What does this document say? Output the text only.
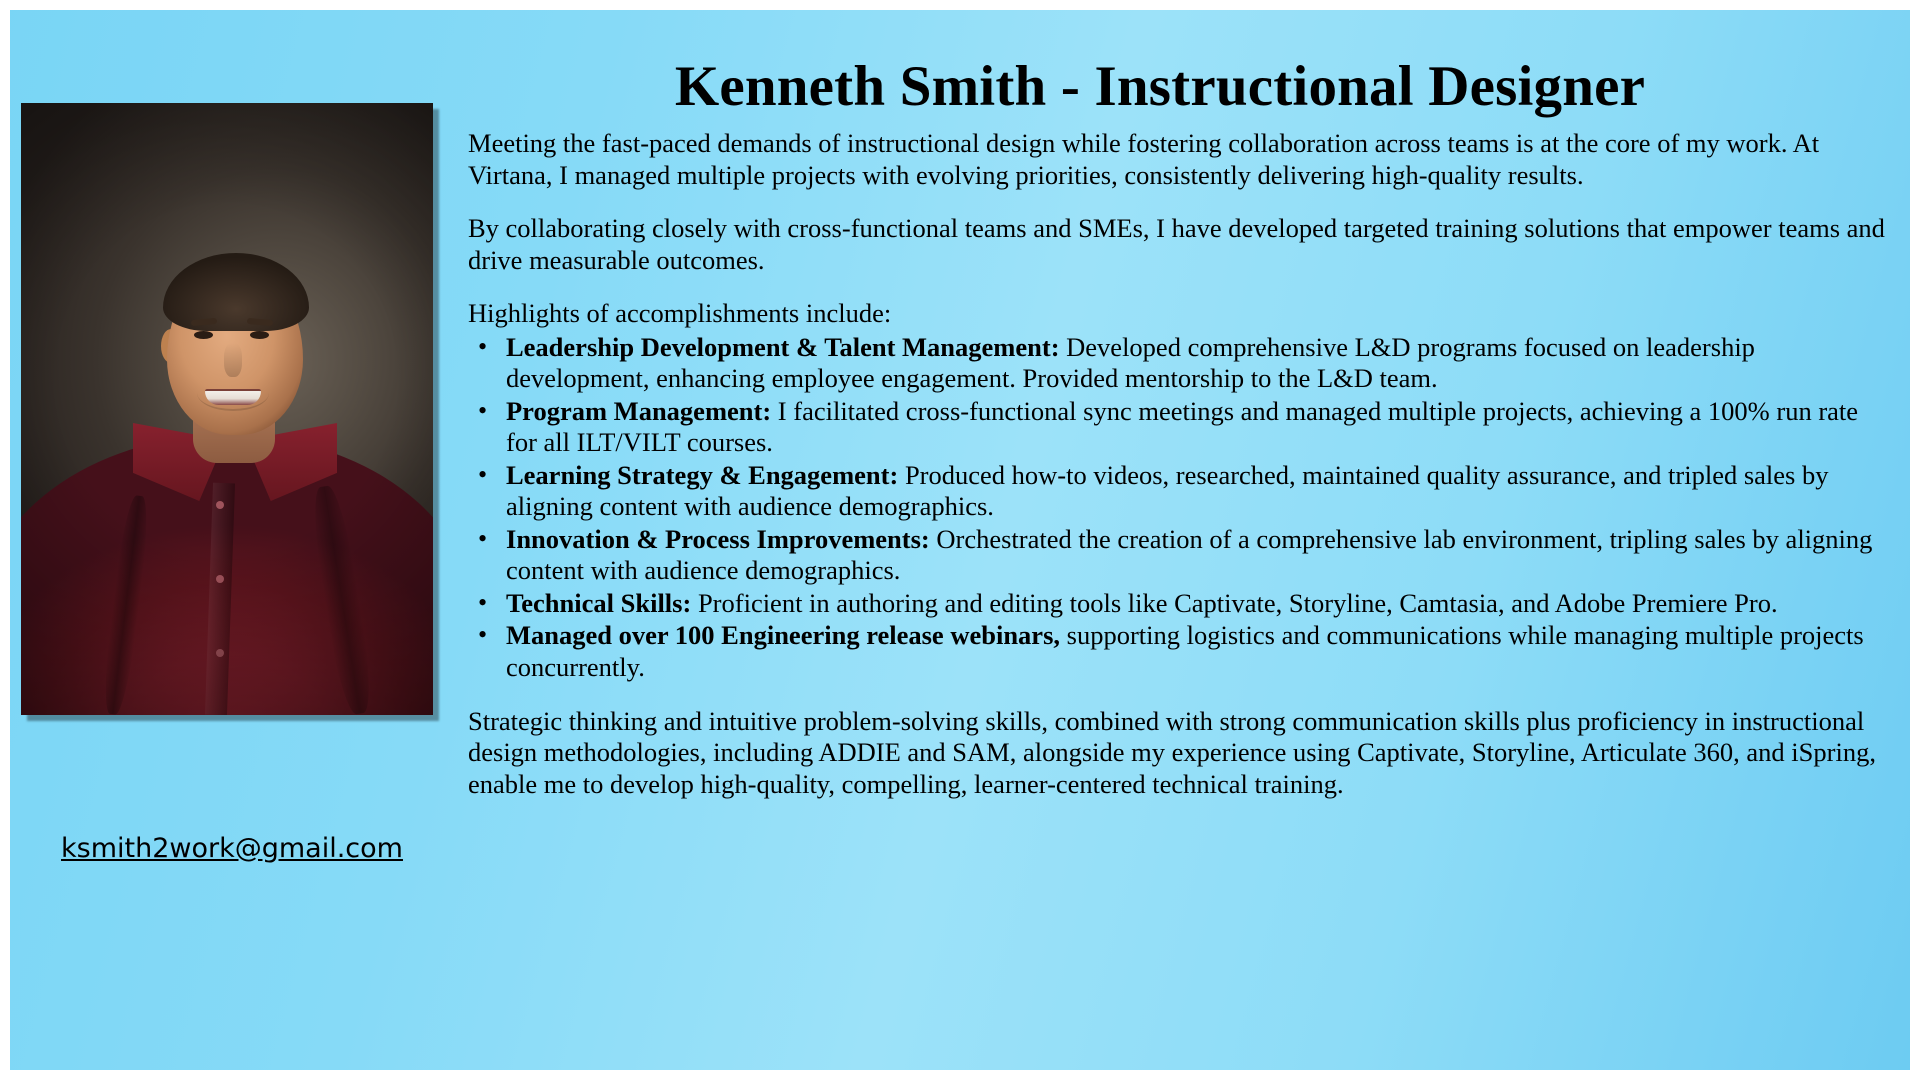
Kenneth Smith - Instructional Designer
ksmith2work@gmail.com

Meeting the fast-paced demands of instructional design while fostering collaboration across teams is at the core of my work. At Virtana, I managed multiple projects with evolving priorities, consistently delivering high-quality results.

By collaborating closely with cross-functional teams and SMEs, I have developed targeted training solutions that empower teams and drive measurable outcomes.

Highlights of accomplishments include:

• Leadership Development & Talent Management: Developed comprehensive L&D programs focused on leadership development, enhancing employee engagement. Provided mentorship to the L&D team.
• Program Management: I facilitated cross-functional sync meetings and managed multiple projects, achieving a 100% run rate for all ILT/VILT courses.
• Learning Strategy & Engagement: Produced how-to videos, researched, maintained quality assurance, and tripled sales by aligning content with audience demographics.
• Innovation & Process Improvements: Orchestrated the creation of a comprehensive lab environment, tripling sales by aligning content with audience demographics.
• Technical Skills: Proficient in authoring and editing tools like Captivate, Storyline, Camtasia, and Adobe Premiere Pro.
• Managed over 100 Engineering release webinars, supporting logistics and communications while managing multiple projects concurrently.

Strategic thinking and intuitive problem-solving skills, combined with strong communication skills plus proficiency in instructional design methodologies, including ADDIE and SAM, alongside my experience using Captivate, Storyline, Articulate 360, and iSpring, enable me to develop high-quality, compelling, learner-centered technical training.
